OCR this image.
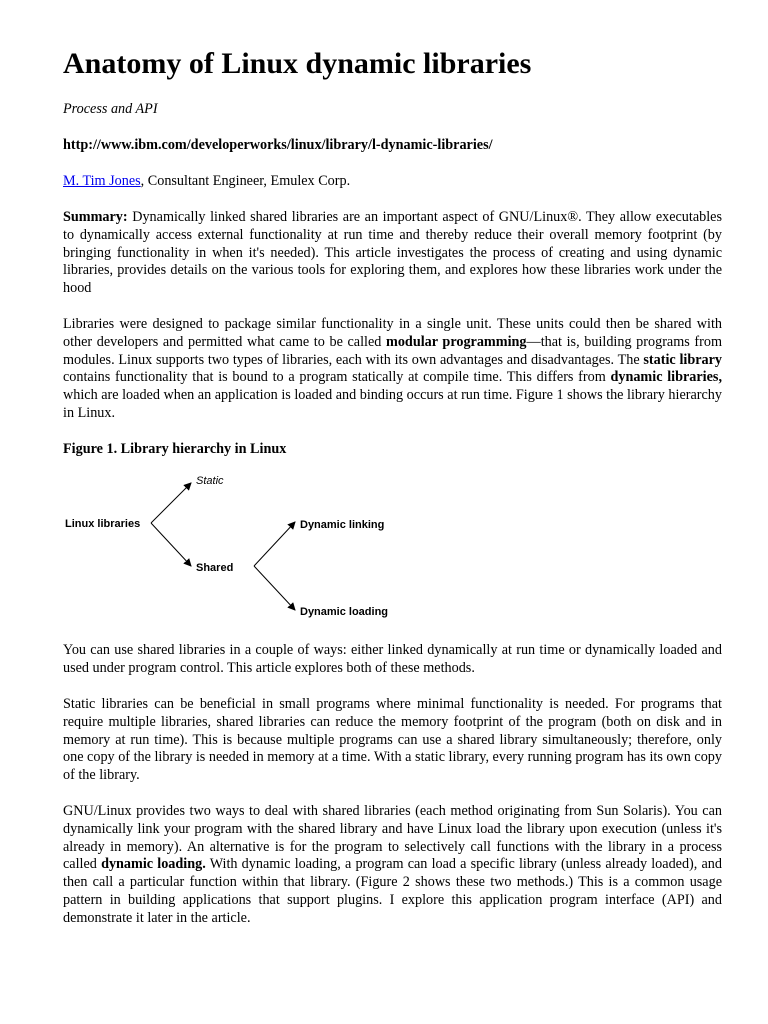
Anatomy of Linux dynamic libraries
Process and API
http://www.ibm.com/developerworks/linux/library/l-dynamic-libraries/
M. Tim Jones, Consultant Engineer, Emulex Corp.
Summary: Dynamically linked shared libraries are an important aspect of GNU/Linux®. They allow executables to dynamically access external functionality at run time and thereby reduce their overall memory footprint (by bringing functionality in when it's needed). This article investigates the process of creating and using dynamic libraries, provides details on the various tools for exploring them, and explores how these libraries work under the hood
Libraries were designed to package similar functionality in a single unit. These units could then be shared with other developers and permitted what came to be called modular programming—that is, building programs from modules. Linux supports two types of libraries, each with its own advantages and disadvantages. The static library contains functionality that is bound to a program statically at compile time. This differs from dynamic libraries, which are loaded when an application is loaded and binding occurs at run time. Figure 1 shows the library hierarchy in Linux.
Figure 1. Library hierarchy in Linux
Linux libraries
Static
Shared
Dynamic linking
Dynamic loading
You can use shared libraries in a couple of ways: either linked dynamically at run time or dynamically loaded and used under program control. This article explores both of these methods.
Static libraries can be beneficial in small programs where minimal functionality is needed. For programs that require multiple libraries, shared libraries can reduce the memory footprint of the program (both on disk and in memory at run time). This is because multiple programs can use a shared library simultaneously; therefore, only one copy of the library is needed in memory at a time. With a static library, every running program has its own copy of the library.
GNU/Linux provides two ways to deal with shared libraries (each method originating from Sun Solaris). You can dynamically link your program with the shared library and have Linux load the library upon execution (unless it's already in memory). An alternative is for the program to selectively call functions with the library in a process called dynamic loading. With dynamic loading, a program can load a specific library (unless already loaded), and then call a particular function within that library. (Figure 2 shows these two methods.) This is a common usage pattern in building applications that support plugins. I explore this application program interface (API) and demonstrate it later in the article.
